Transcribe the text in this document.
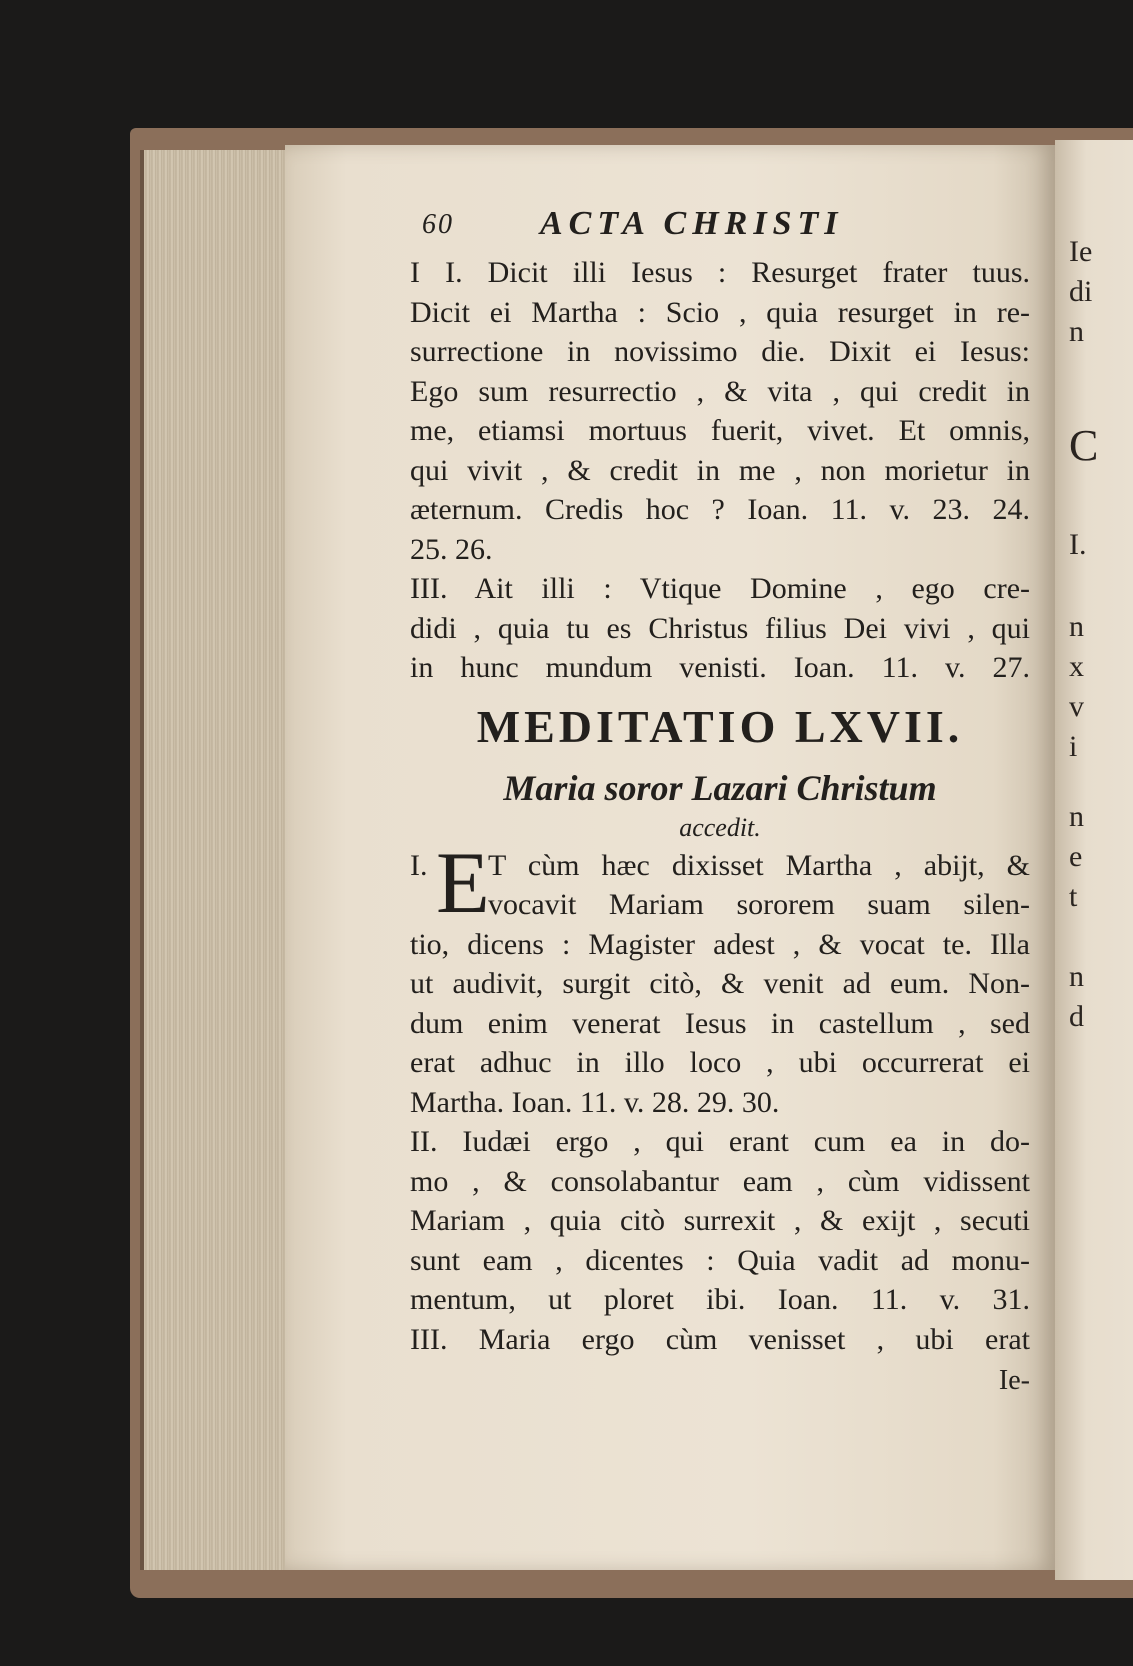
Ie
di
n
C
I.
n
x
v
i
n
e
t
n
d
60	ACTA CHRISTI
I I. Dicit illi Iesus : Resurget frater tuus.
Dicit ei Martha : Scio , quia resurget in re-
surrectione in novissimo die. Dixit ei Iesus:
Ego sum resurrectio , & vita , qui credit in
me, etiamsi mortuus fuerit, vivet. Et omnis,
qui vivit , & credit in me , non morietur in
æternum. Credis hoc ? Ioan. 11. v. 23. 24.
25. 26.
III. Ait illi : Vtique Domine , ego cre-
didi , quia tu es Christus filius Dei vivi , qui
in hunc mundum venisti. Ioan. 11. v. 27.
MEDITATIO LXVII.
Maria soror Lazari Christum
accedit.
I. E
T cùm hæc dixisset Martha , abijt, &
vocavit Mariam sororem suam silen-
tio, dicens : Magister adest , & vocat te. Illa
ut audivit, surgit citò, & venit ad eum. Non-
dum enim venerat Iesus in castellum , sed
erat adhuc in illo loco , ubi occurrerat ei
Martha. Ioan. 11. v. 28. 29. 30.
II. Iudæi ergo , qui erant cum ea in do-
mo , & consolabantur eam , cùm vidissent
Mariam , quia citò surrexit , & exijt , secuti
sunt eam , dicentes : Quia vadit ad monu-
mentum, ut ploret ibi. Ioan. 11. v. 31.
III. Maria ergo cùm venisset , ubi erat
Ie-
